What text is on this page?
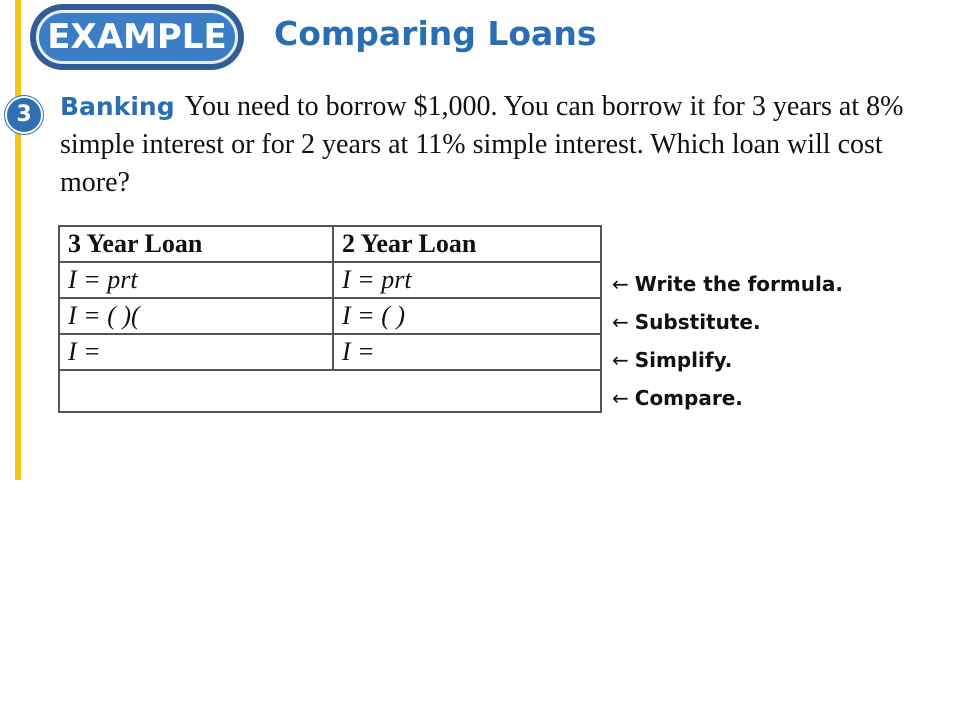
EXAMPLE	Comparing Loans
3	Banking You need to borrow $1,000. You can borrow it for 3 years at 8% simple interest or for 2 years at 11% simple interest. Which loan will cost more?
3 Year Loan	2 Year Loan
I = prt	I = prt
I = ( )(	I = ( )
I =	I =

← Write the formula.
← Substitute.
← Simplify.
← Compare.
